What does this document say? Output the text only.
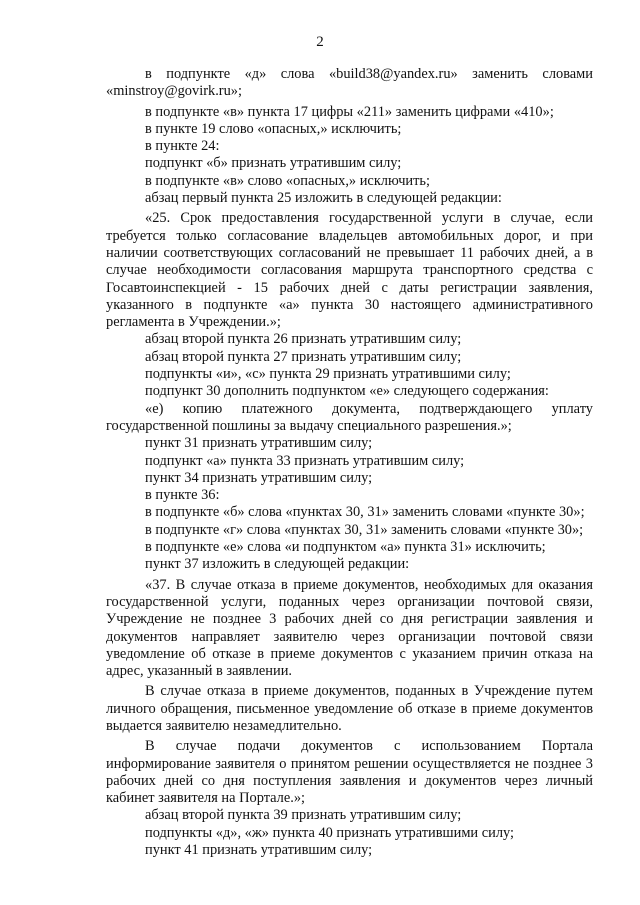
2

в подпункте «д» слова «build38@yandex.ru» заменить словами «minstroy@govirk.ru»;

в подпункте «в» пункта 17 цифры «211» заменить цифрами «410»;

в пункте 19 слово «опасных,» исключить;

в пункте 24:

подпункт «б» признать утратившим силу;

в подпункте «в» слово «опасных,» исключить;

абзац первый пункта 25 изложить в следующей редакции:

«25. Срок предоставления государственной услуги в случае, если требуется только согласование владельцев автомобильных дорог, и при наличии соответствующих согласований не превышает 11 рабочих дней, а в случае необходимости согласования маршрута транспортного средства с Госавтоинспекцией - 15 рабочих дней с даты регистрации заявления, указанного в подпункте «а» пункта 30 настоящего административного регламента в Учреждении.»;

абзац второй пункта 26 признать утратившим силу;

абзац второй пункта 27 признать утратившим силу;

подпункты «и», «с» пункта 29 признать утратившими силу;

подпункт 30 дополнить подпунктом «е» следующего содержания:

«е) копию платежного документа, подтверждающего уплату государственной пошлины за выдачу специального разрешения.»;

пункт 31 признать утратившим силу;

подпункт «а» пункта 33 признать утратившим силу;

пункт 34 признать утратившим силу;

в пункте 36:

в подпункте «б» слова «пунктах 30, 31» заменить словами «пункте 30»;

в подпункте «г» слова «пунктах 30, 31» заменить словами «пункте 30»;

в подпункте «е» слова «и подпунктом «а» пункта 31» исключить;

пункт 37 изложить в следующей редакции:

«37. В случае отказа в приеме документов, необходимых для оказания государственной услуги, поданных через организации почтовой связи, Учреждение не позднее 3 рабочих дней со дня регистрации заявления и документов направляет заявителю через организации почтовой связи уведомление об отказе в приеме документов с указанием причин отказа на адрес, указанный в заявлении.

В случае отказа в приеме документов, поданных в Учреждение путем личного обращения, письменное уведомление об отказе в приеме документов выдается заявителю незамедлительно.

В случае подачи документов с использованием Портала информирование заявителя о принятом решении осуществляется не позднее 3 рабочих дней со дня поступления заявления и документов через личный кабинет заявителя на Портале.»;

абзац второй пункта 39 признать утратившим силу;

подпункты «д», «ж» пункта 40 признать утратившими силу;

пункт 41 признать утратившим силу;
